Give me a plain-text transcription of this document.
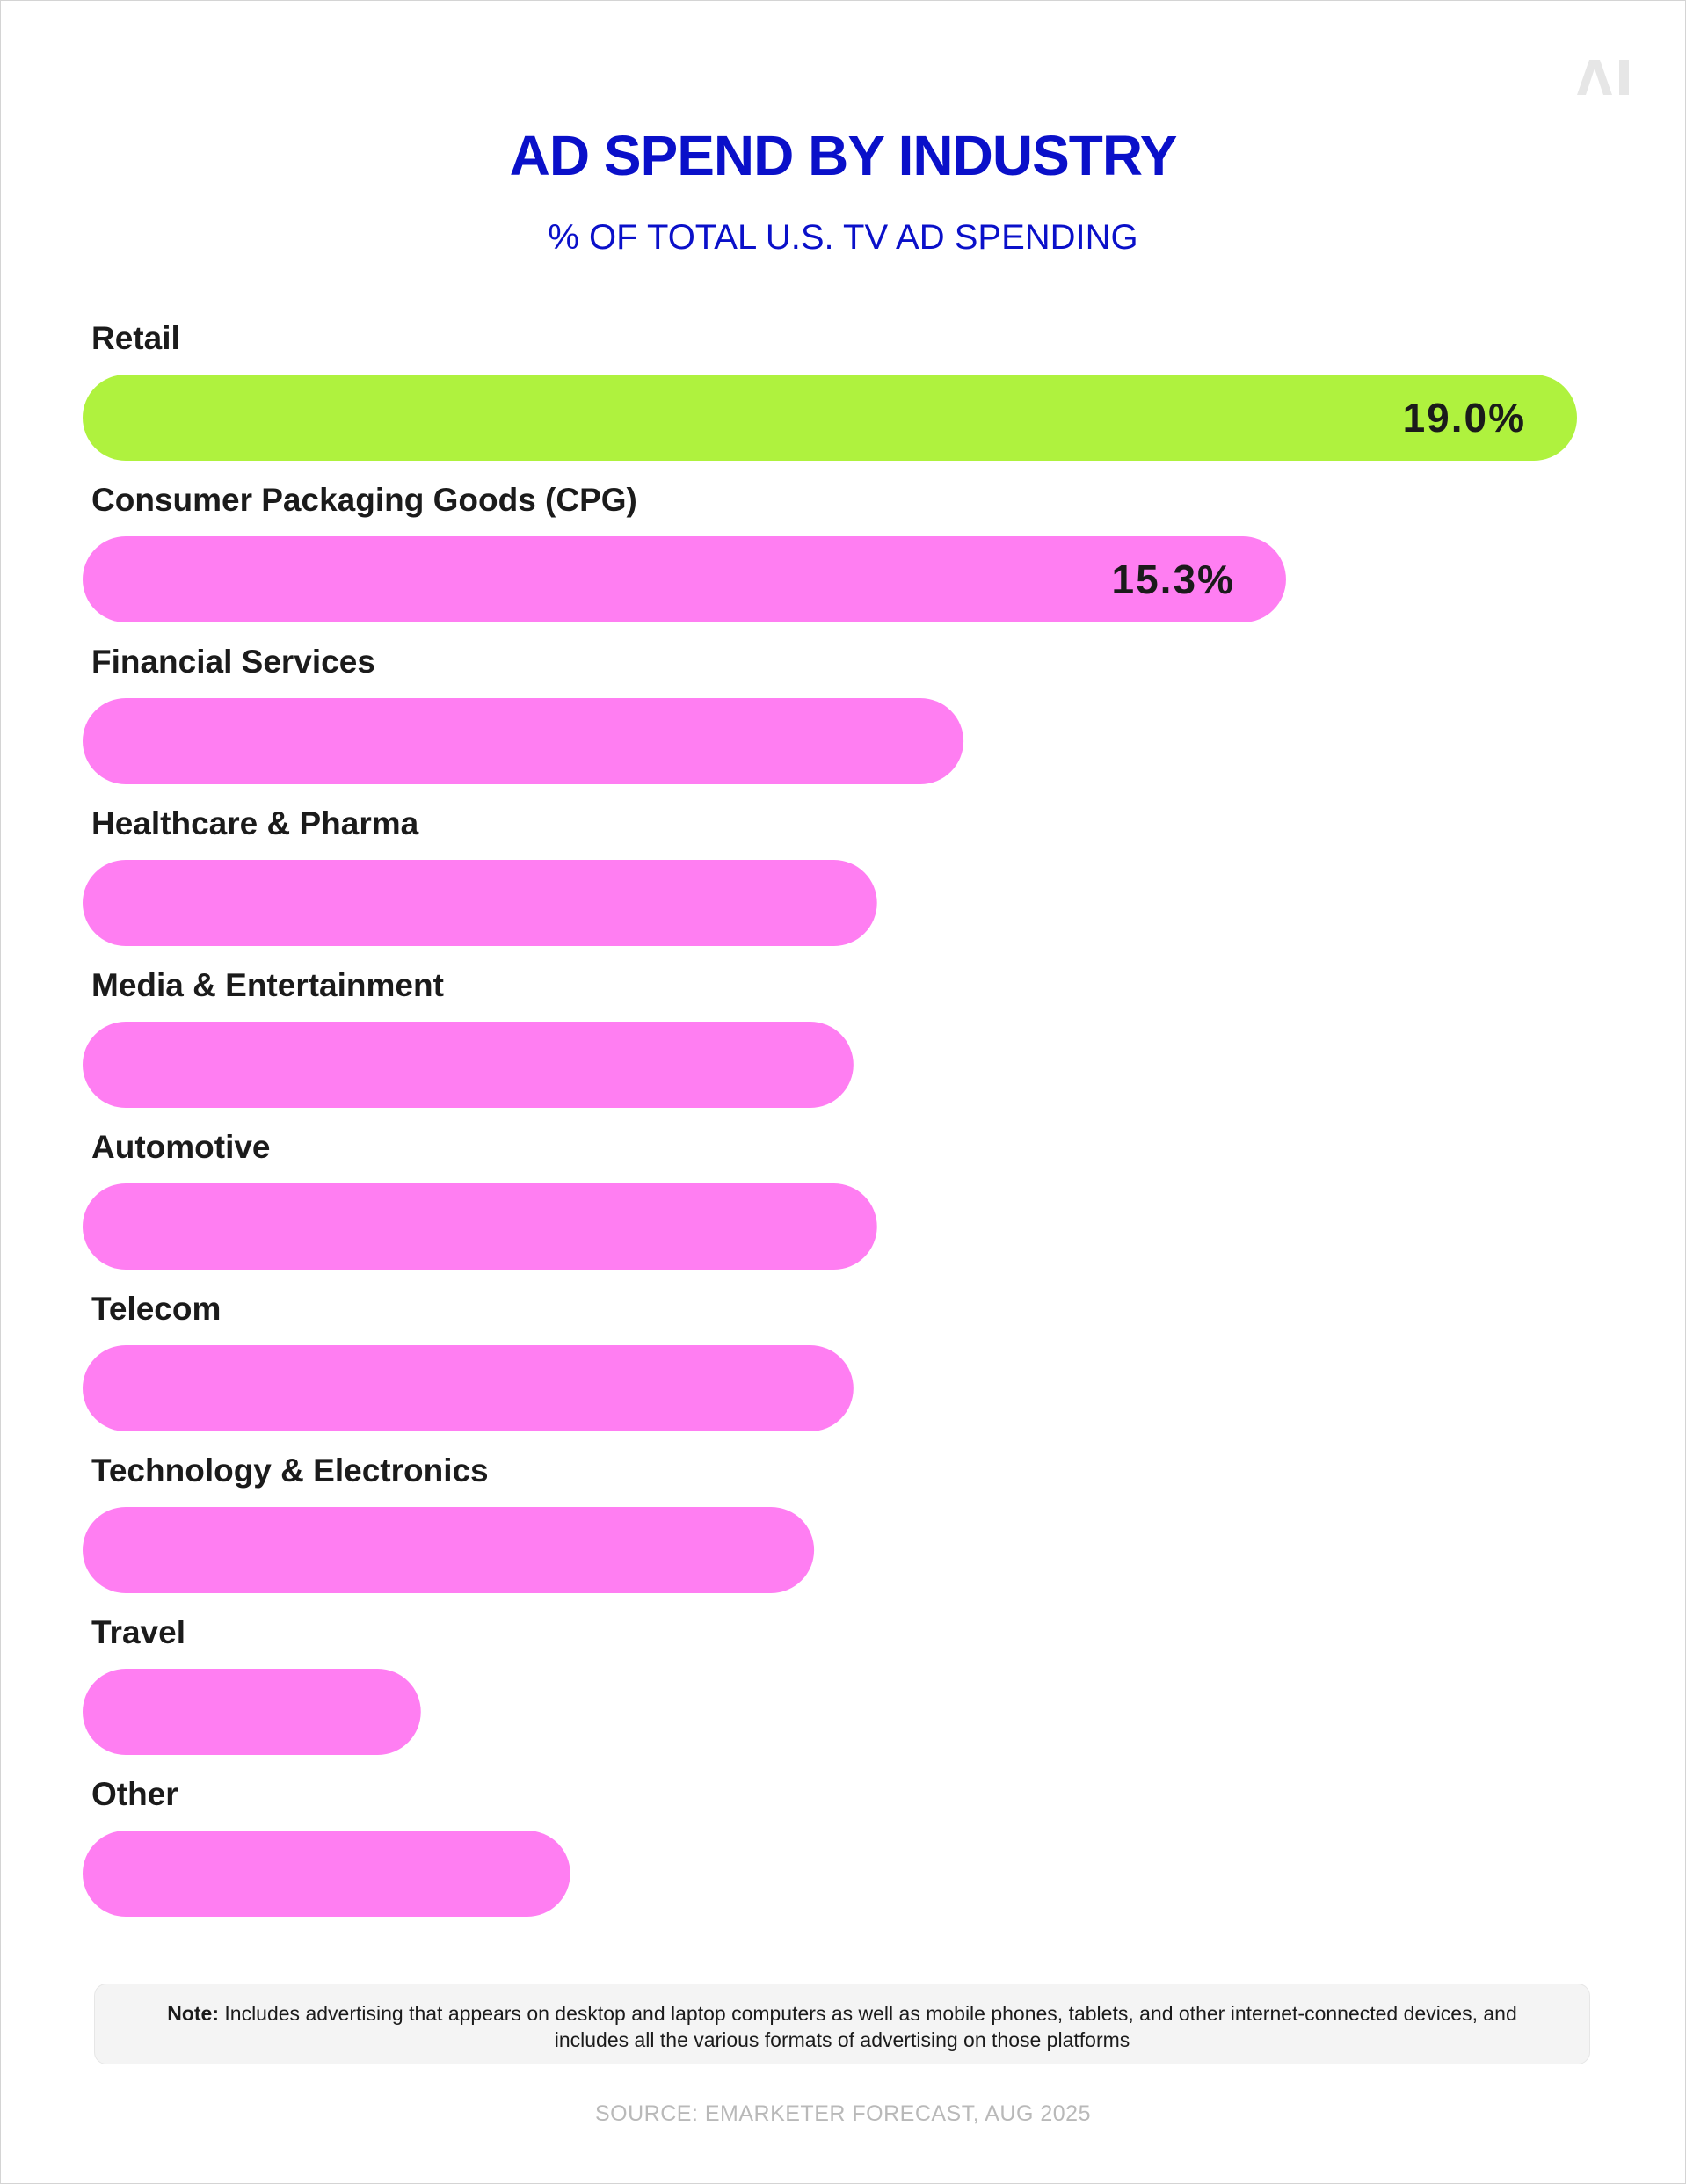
AD SPEND BY INDUSTRY
% OF TOTAL U.S. TV AD SPENDING
Retail
19.0%
Consumer Packaging Goods (CPG)
15.3%
Financial Services
Healthcare & Pharma
Media & Entertainment
Automotive
Telecom
Technology & Electronics
Travel
Other
Note: Includes advertising that appears on desktop and laptop computers as well as mobile phones, tablets, and other internet-connected devices, and includes all the various formats of advertising on those platforms
SOURCE: EMARKETER FORECAST, AUG 2025
